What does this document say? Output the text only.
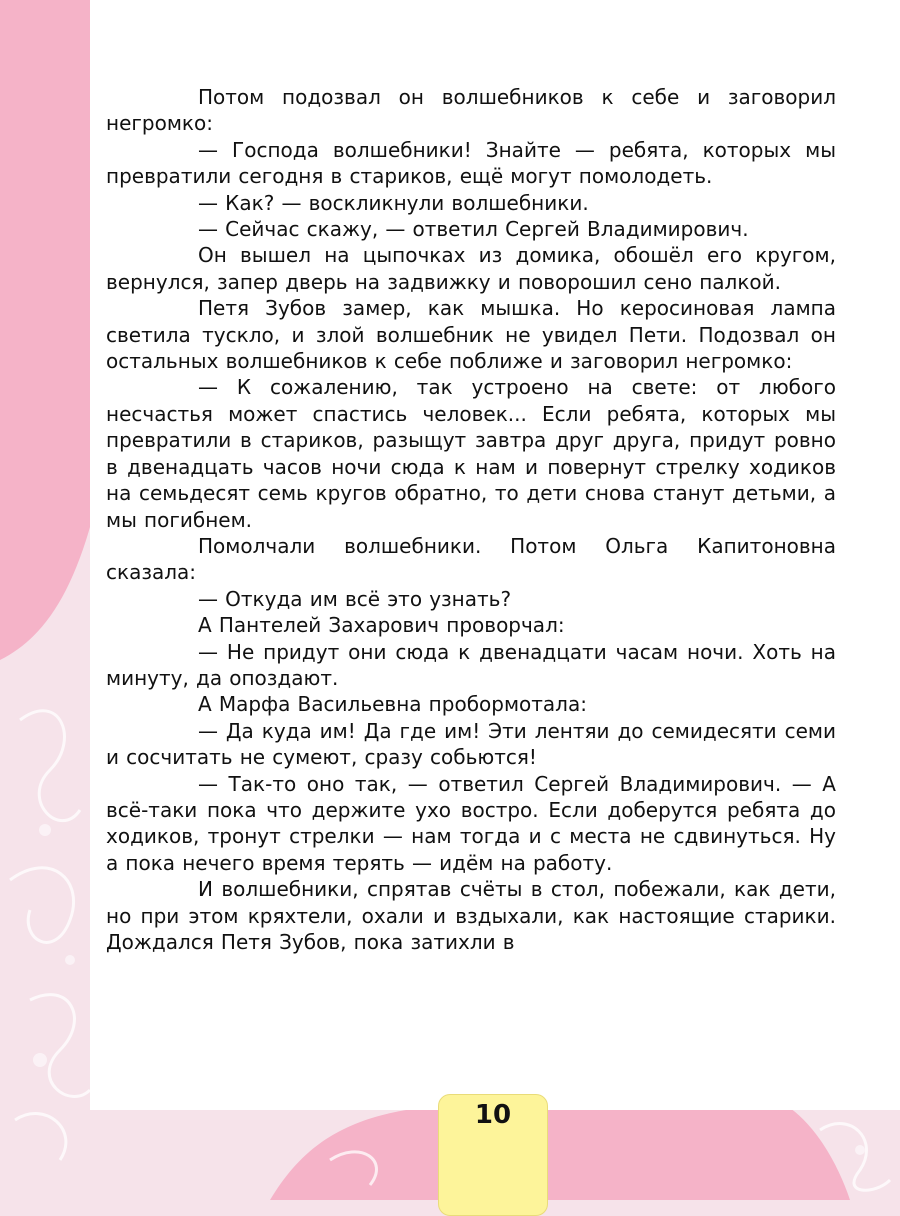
Потом подозвал он волшебников к себе и заговорил негромко:

— Господа волшебники! Знайте — ребята, которых мы превратили сегодня в стариков, ещё могут помолодеть.

— Как? — воскликнули волшебники.

— Сейчас скажу, — ответил Сергей Владимирович.

Он вышел на цыпочках из домика, обошёл его кругом, вернулся, запер дверь на задвижку и поворошил сено палкой.

Петя Зубов замер, как мышка. Но керосиновая лампа светила тускло, и злой волшебник не увидел Пети. Подозвал он остальных волшебников к себе поближе и заговорил негромко:

— К сожалению, так устроено на свете: от любого несчастья может спастись человек... Если ребята, которых мы превратили в стариков, разыщут завтра друг друга, придут ровно в двенадцать часов ночи сюда к нам и повернут стрелку ходиков на семьдесят семь кругов обратно, то дети снова станут детьми, а мы погибнем.

Помолчали волшебники. Потом Ольга Капитоновна сказала:

— Откуда им всё это узнать?

А Пантелей Захарович проворчал:

— Не придут они сюда к двенадцати часам ночи. Хоть на минуту, да опоздают.

А Марфа Васильевна пробормотала:

— Да куда им! Да где им! Эти лентяи до семидесяти семи и сосчитать не сумеют, сразу собьются!

— Так-то оно так, — ответил Сергей Владимирович. — А всё-таки пока что держите ухо востро. Если доберутся ребята до ходиков, тронут стрелки — нам тогда и с места не сдвинуться. Ну а пока нечего время терять — идём на работу.

И волшебники, спрятав счёты в стол, побежали, как дети, но при этом кряхтели, охали и вздыхали, как настоящие старики. Дождался Петя Зубов, пока затихли в

10
